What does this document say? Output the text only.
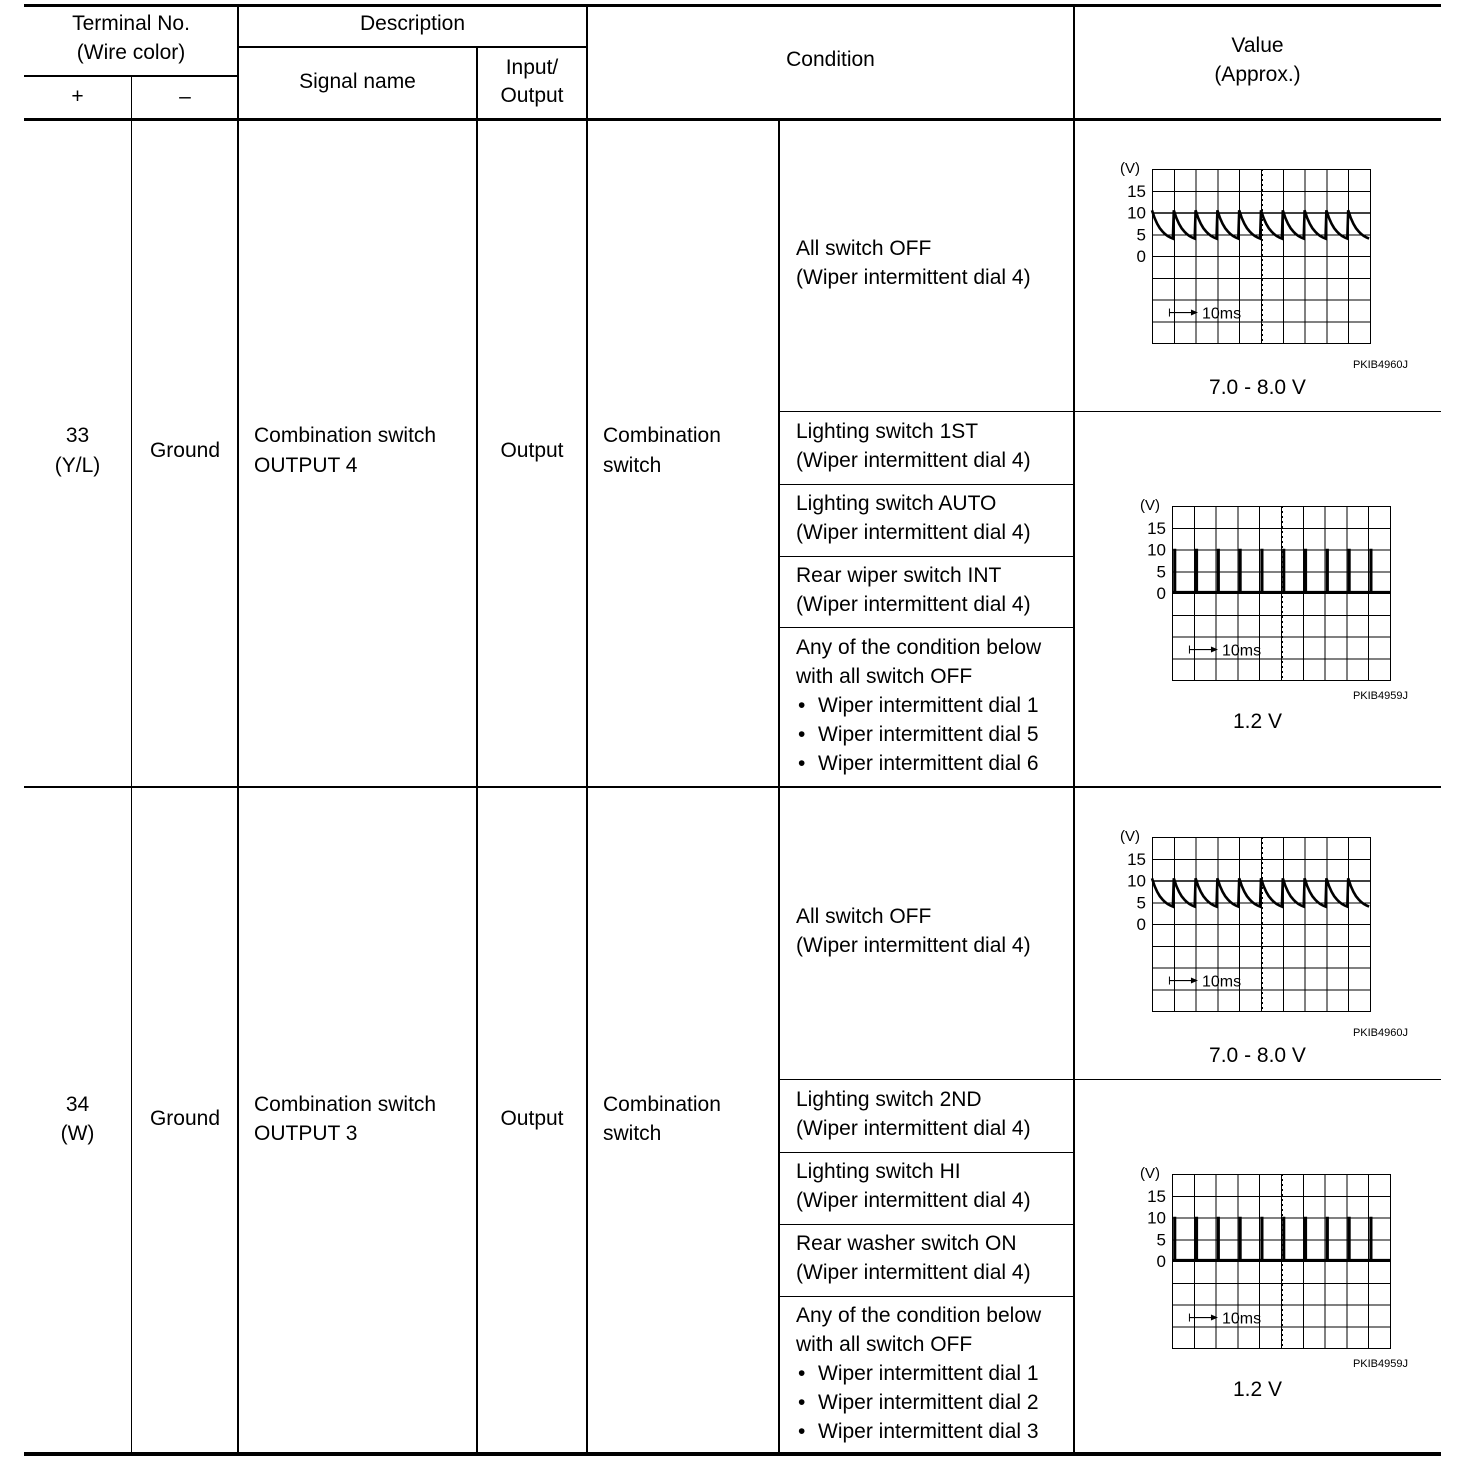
Terminal No.
(Wire color)
+	–
Description
Signal name
Input/
Output
Condition
Value
(Approx.)
33
(Y/L)
Ground
Combination switch
OUTPUT 4
Output
Combination
switch
All switch OFF
(Wiper intermittent dial 4)
Lighting switch 1ST
(Wiper intermittent dial 4)
Lighting switch AUTO
(Wiper intermittent dial 4)
Rear wiper switch INT
(Wiper intermittent dial 4)
Any of the condition below
with all switch OFF
• Wiper intermittent dial 1
• Wiper intermittent dial 5
• Wiper intermittent dial 6
(V)
15
10
5
0
10ms
PKIB4960J
7.0 - 8.0 V
(V)
15
10
5
0
10ms
PKIB4959J
1.2 V
34
(W)
Ground
Combination switch
OUTPUT 3
Output
Combination
switch
All switch OFF
(Wiper intermittent dial 4)
Lighting switch 2ND
(Wiper intermittent dial 4)
Lighting switch HI
(Wiper intermittent dial 4)
Rear washer switch ON
(Wiper intermittent dial 4)
Any of the condition below
with all switch OFF
• Wiper intermittent dial 1
• Wiper intermittent dial 2
• Wiper intermittent dial 3
(V)
15
10
5
0
10ms
PKIB4960J
7.0 - 8.0 V
(V)
15
10
5
0
10ms
PKIB4959J
1.2 V
